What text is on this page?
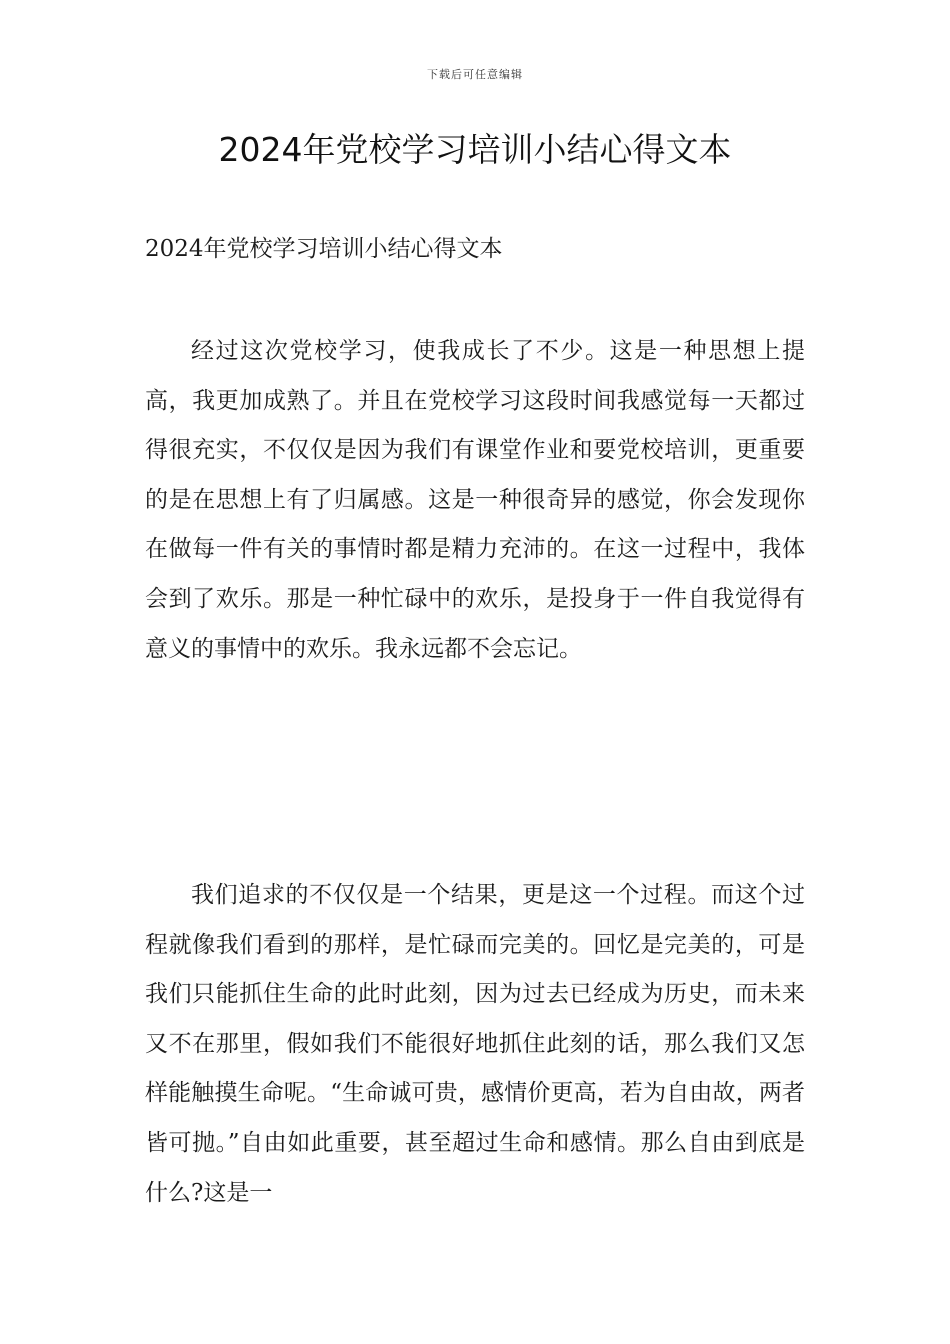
下载后可任意编辑
2024年党校学习培训小结心得文本
2024年党校学习培训小结心得文本

经过这次党校学习，使我成长了不少。这是一种思想上提高，我更加成熟了。并且在党校学习这段时间我感觉每一天都过得很充实，不仅仅是因为我们有课堂作业和要党校培训，更重要的是在思想上有了归属感。这是一种很奇异的感觉，你会发现你在做每一件有关的事情时都是精力充沛的。在这一过程中，我体会到了欢乐。那是一种忙碌中的欢乐，是投身于一件自我觉得有意义的事情中的欢乐。我永远都不会忘记。

我们追求的不仅仅是一个结果，更是这一个过程。而这个过程就像我们看到的那样，是忙碌而完美的。回忆是完美的，可是我们只能抓住生命的此时此刻，因为过去已经成为历史，而未来又不在那里，假如我们不能很好地抓住此刻的话，那么我们又怎样能触摸生命呢。“生命诚可贵，感情价更高，若为自由故，两者皆可抛。”自由如此重要，甚至超过生命和感情。那么自由到底是什么?这是一
